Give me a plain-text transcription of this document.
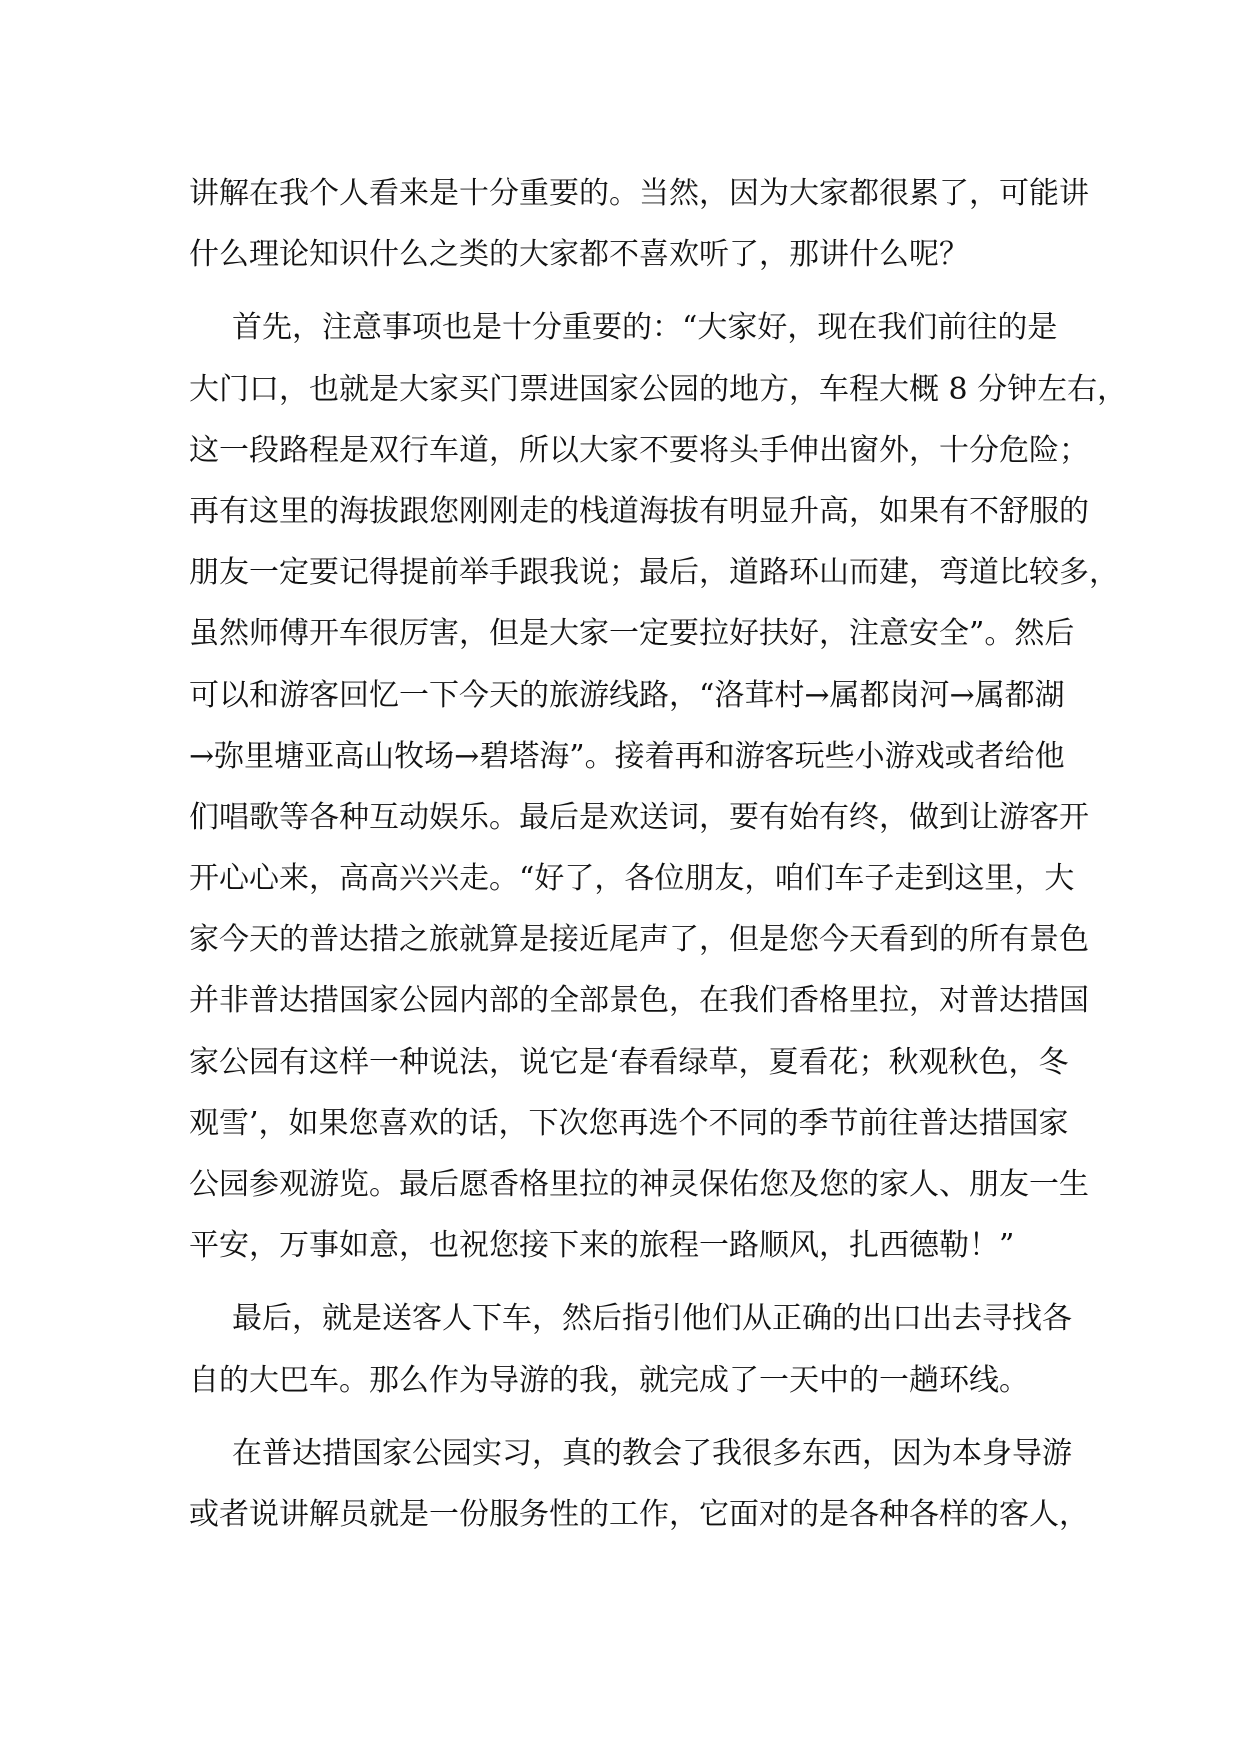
讲解在我个人看来是十分重要的。当然，因为大家都很累了，可能讲
什么理论知识什么之类的大家都不喜欢听了，那讲什么呢？

首先，注意事项也是十分重要的：“大家好，现在我们前往的是
大门口，也就是大家买门票进国家公园的地方，车程大概 8 分钟左右，
这一段路程是双行车道，所以大家不要将头手伸出窗外，十分危险；
再有这里的海拔跟您刚刚走的栈道海拔有明显升高，如果有不舒服的
朋友一定要记得提前举手跟我说；最后，道路环山而建，弯道比较多，
虽然师傅开车很厉害，但是大家一定要拉好扶好，注意安全”。然后
可以和游客回忆一下今天的旅游线路，“洛茸村→属都岗河→属都湖
→弥里塘亚高山牧场→碧塔海”。接着再和游客玩些小游戏或者给他
们唱歌等各种互动娱乐。最后是欢送词，要有始有终，做到让游客开
开心心来，高高兴兴走。“好了，各位朋友，咱们车子走到这里，大
家今天的普达措之旅就算是接近尾声了，但是您今天看到的所有景色
并非普达措国家公园内部的全部景色，在我们香格里拉，对普达措国
家公园有这样一种说法，说它是‘春看绿草，夏看花；秋观秋色，冬
观雪’，如果您喜欢的话，下次您再选个不同的季节前往普达措国家
公园参观游览。最后愿香格里拉的神灵保佑您及您的家人、朋友一生
平安，万事如意，也祝您接下来的旅程一路顺风，扎西德勒！”

最后，就是送客人下车，然后指引他们从正确的出口出去寻找各
自的大巴车。那么作为导游的我，就完成了一天中的一趟环线。

在普达措国家公园实习，真的教会了我很多东西，因为本身导游
或者说讲解员就是一份服务性的工作，它面对的是各种各样的客人，
